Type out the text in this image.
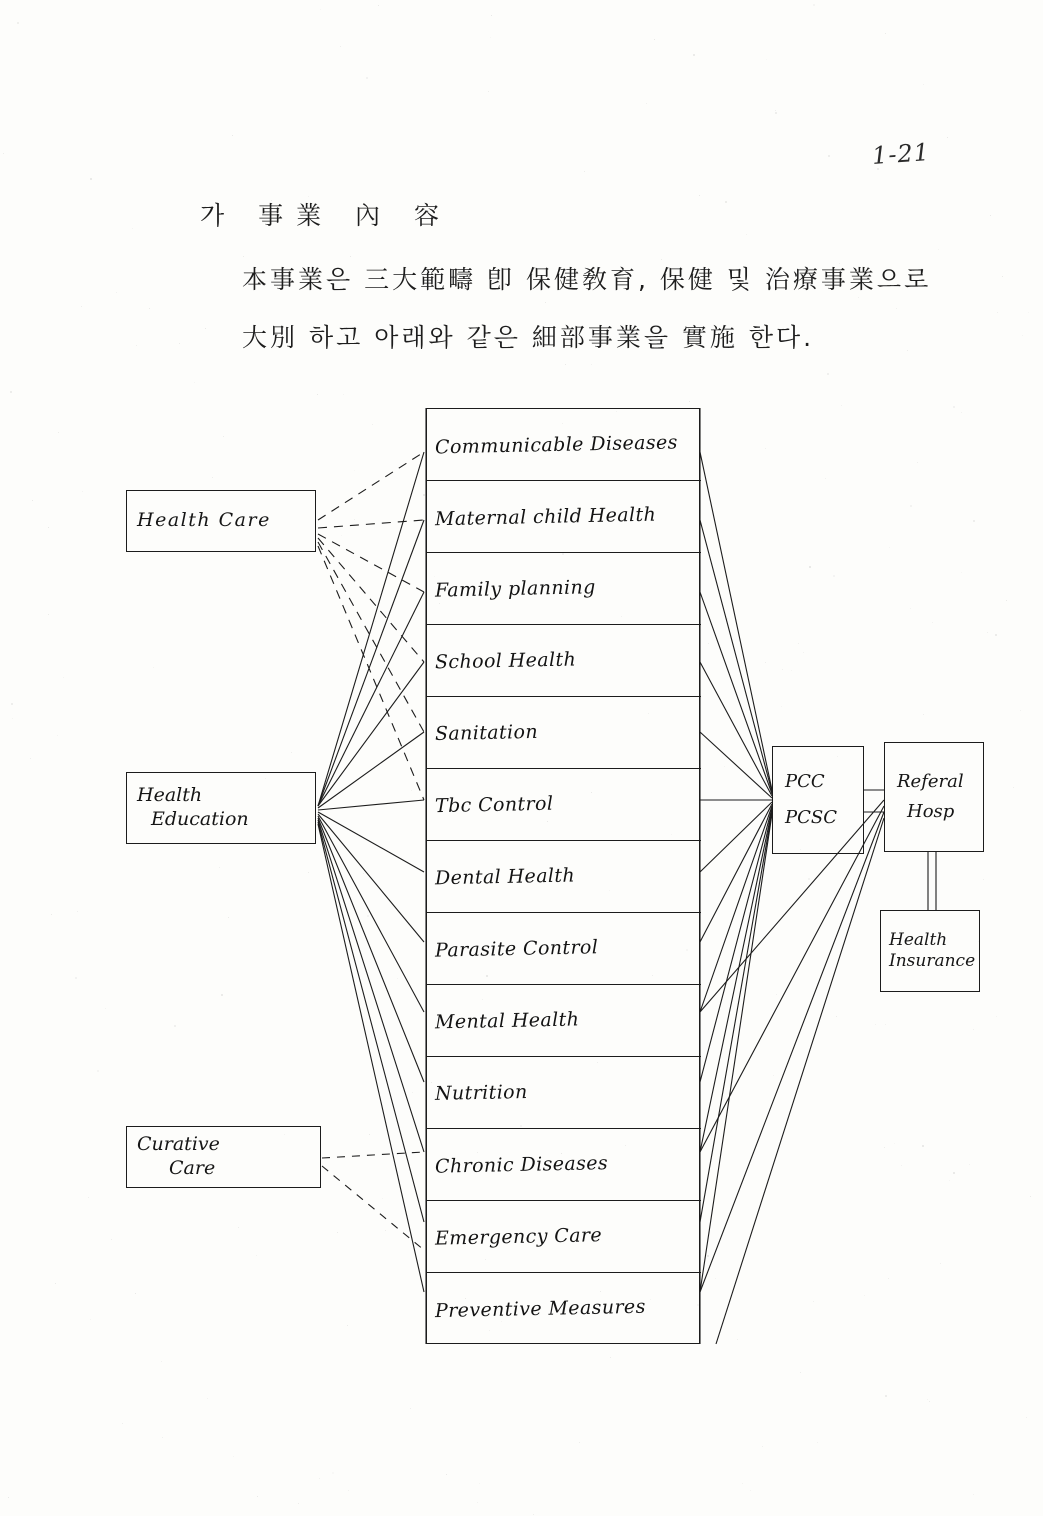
1-21
가 事業 內 容
本事業은 三大範疇 卽 保健敎育, 保健 및 治療事業으로
大別 하고 아래와 같은 細部事業을 實施 한다.
Communicable Diseases
Maternal child Health
Family planning
School Health
Sanitation
Tbc Control
Dental Health
Parasite Control
Mental Health
Nutrition
Chronic Diseases
Emergency Care
Preventive Measures
Health Care
Health
Education
Curative
Care
PCC
PCSC
Referal
Hosp
Health
Insurance
